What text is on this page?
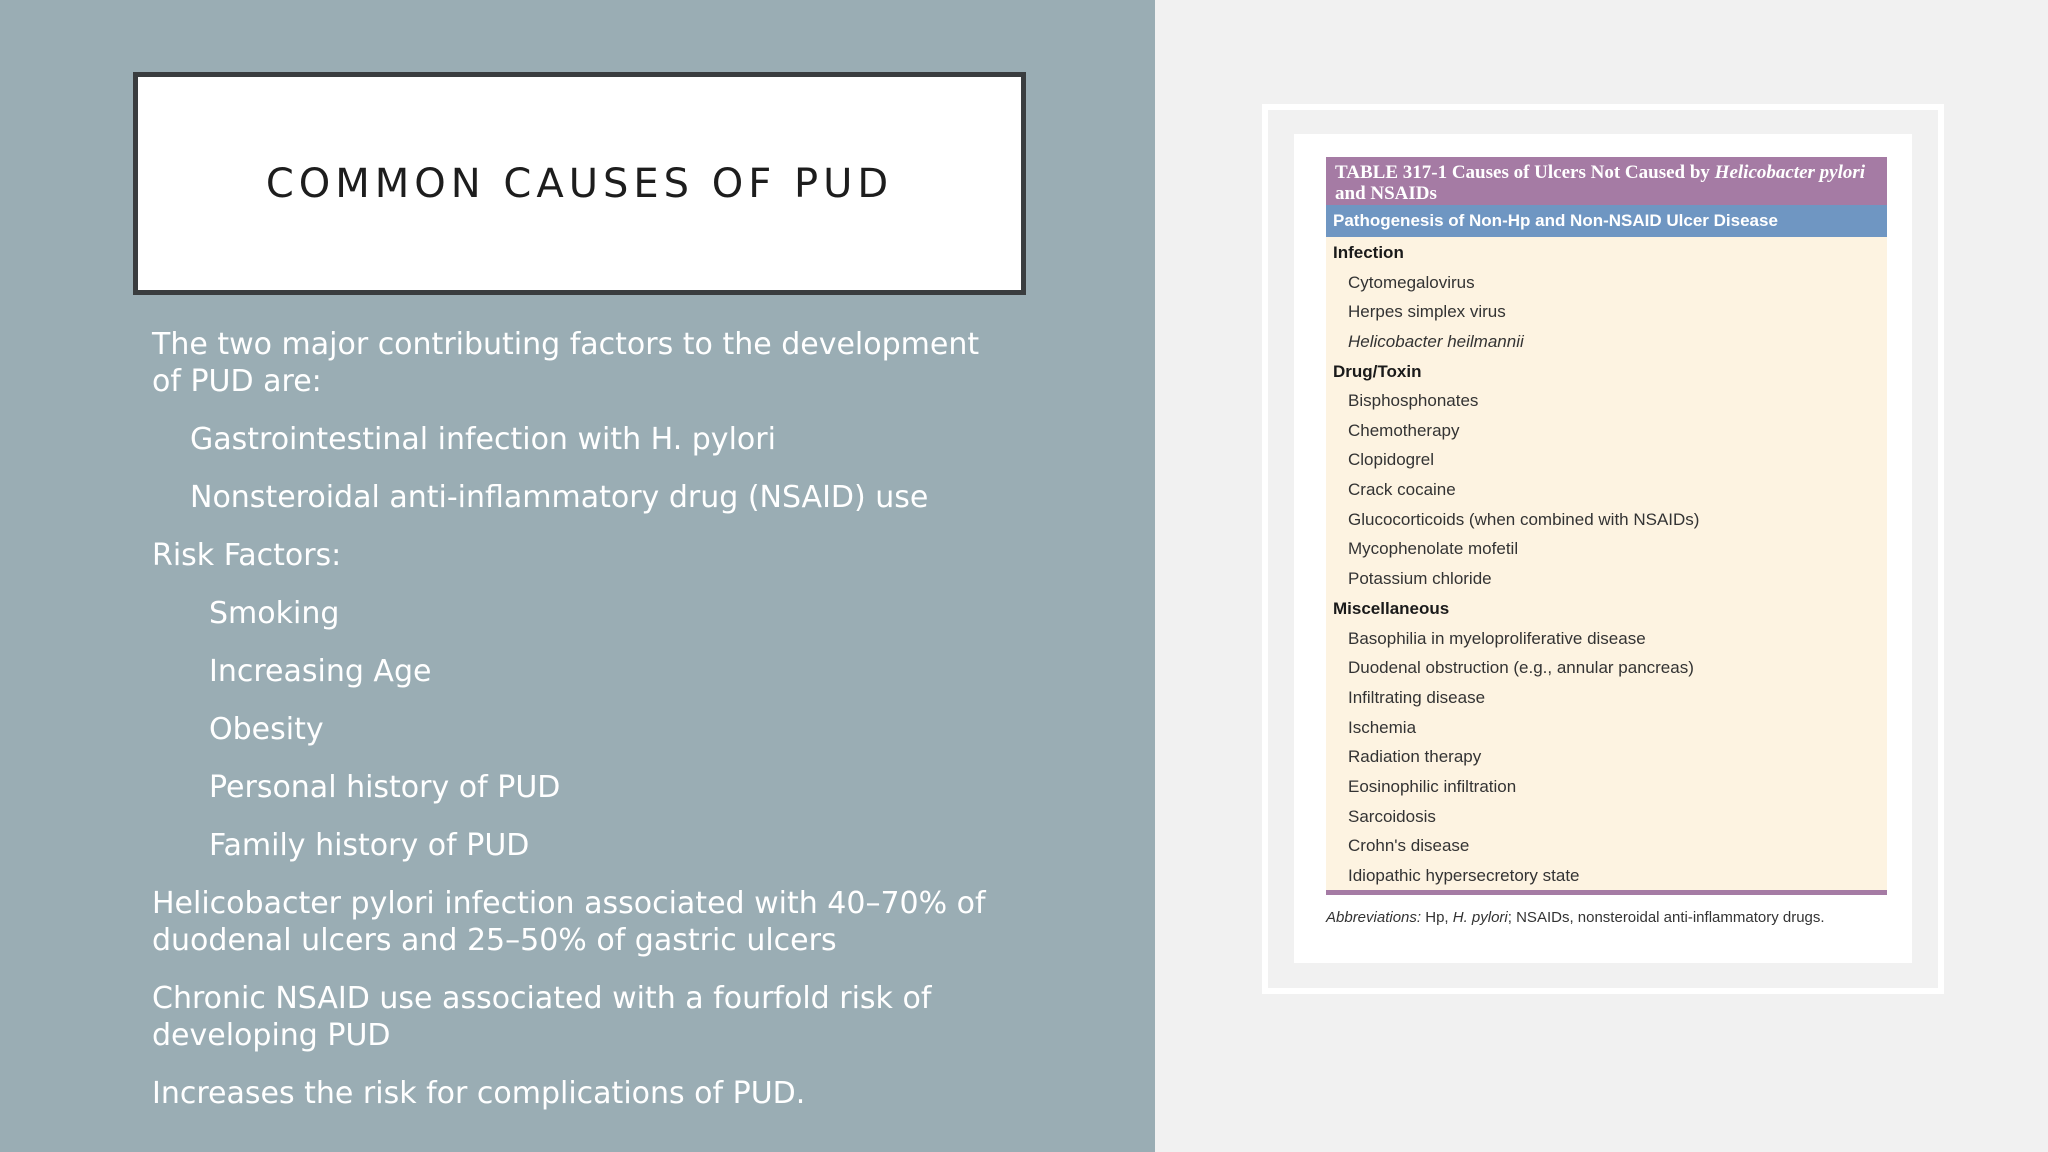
COMMON CAUSES OF PUD
The two major contributing factors to the development of PUD are:
Gastrointestinal infection with H. pylori
Nonsteroidal anti-inflammatory drug (NSAID) use
Risk Factors:
Smoking
Increasing Age
Obesity
Personal history of PUD
Family history of PUD
Helicobacter pylori infection associated with 40–70% of duodenal ulcers and 25–50% of gastric ulcers
Chronic NSAID use associated with a fourfold risk of developing PUD
Increases the risk for complications of PUD.
TABLE 317-1 Causes of Ulcers Not Caused by Helicobacter pylori and NSAIDs
Pathogenesis of Non-Hp and Non-NSAID Ulcer Disease
Infection
Cytomegalovirus
Herpes simplex virus
Helicobacter heilmannii
Drug/Toxin
Bisphosphonates
Chemotherapy
Clopidogrel
Crack cocaine
Glucocorticoids (when combined with NSAIDs)
Mycophenolate mofetil
Potassium chloride
Miscellaneous
Basophilia in myeloproliferative disease
Duodenal obstruction (e.g., annular pancreas)
Infiltrating disease
Ischemia
Radiation therapy
Eosinophilic infiltration
Sarcoidosis
Crohn's disease
Idiopathic hypersecretory state
Abbreviations: Hp, H. pylori; NSAIDs, nonsteroidal anti-inflammatory drugs.
